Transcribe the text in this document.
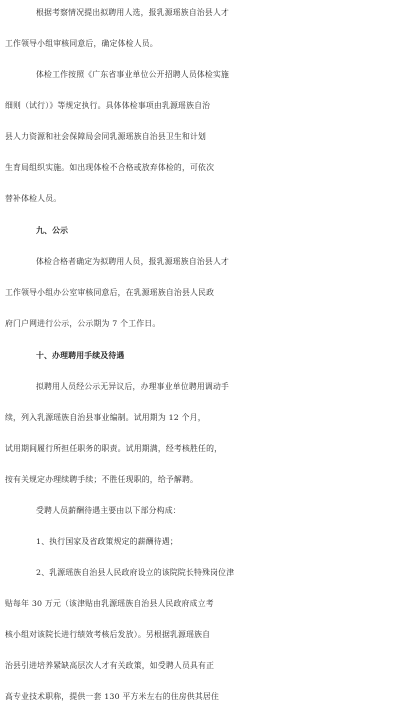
根据考察情况提出拟聘用人选，报乳源瑶族自治县人才
工作领导小组审核同意后，确定体检人员。
体检工作按照《广东省事业单位公开招聘人员体检实施
细则（试行）》等规定执行。具体体检事项由乳源瑶族自治
县人力资源和社会保障局会同乳源瑶族自治县卫生和计划
生育局组织实施。如出现体检不合格或放弃体检的，可依次
替补体检人员。
九、公示
体检合格者确定为拟聘用人员，报乳源瑶族自治县人才
工作领导小组办公室审核同意后，在乳源瑶族自治县人民政
府门户网进行公示，公示期为 7 个工作日。
十、办理聘用手续及待遇
拟聘用人员经公示无异议后，办理事业单位聘用调动手
续，列入乳源瑶族自治县事业编制。试用期为 12 个月，
试用期间履行所担任职务的职责。试用期满，经考核胜任的，
按有关规定办理续聘手续；不胜任现职的，给予解聘。
受聘人员薪酬待遇主要由以下部分构成：
1、执行国家及省政策规定的薪酬待遇；
2、乳源瑶族自治县人民政府设立的该院院长特殊岗位津
贴每年 30 万元（该津贴由乳源瑶族自治县人民政府成立考
核小组对该院长进行绩效考核后发放）。另根据乳源瑶族自
治县引进培养紧缺高层次人才有关政策，如受聘人员具有正
高专业技术职称，提供一套 130 平方米左右的住房供其居住
